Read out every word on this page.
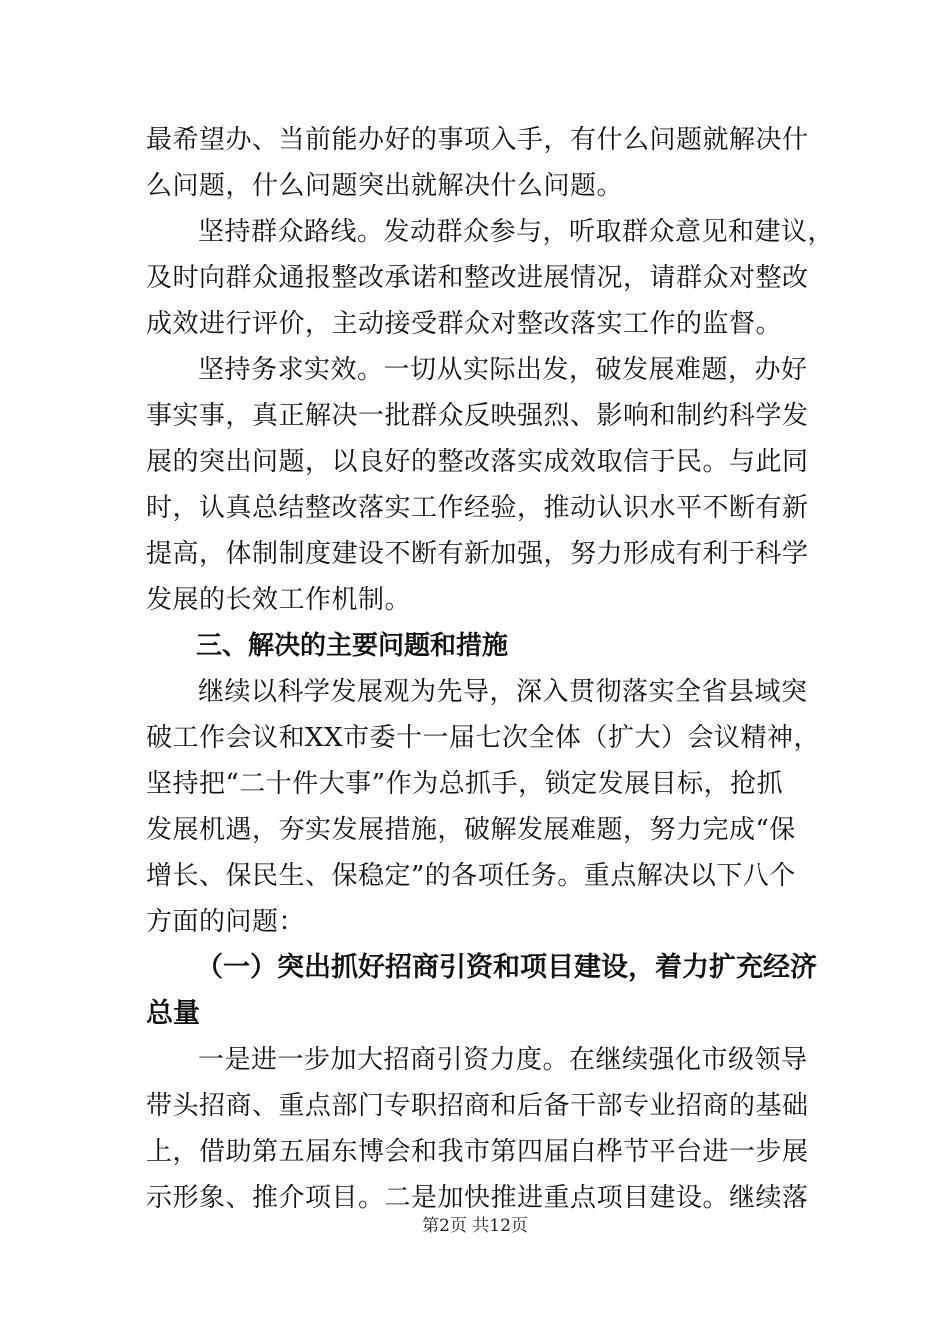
最希望办、当前能办好的事项入手，有什么问题就解决什
么问题，什么问题突出就解决什么问题。
坚持群众路线。发动群众参与，听取群众意见和建议，
及时向群众通报整改承诺和整改进展情况，请群众对整改
成效进行评价，主动接受群众对整改落实工作的监督。
坚持务求实效。一切从实际出发，破发展难题，办好
事实事，真正解决一批群众反映强烈、影响和制约科学发
展的突出问题，以良好的整改落实成效取信于民。与此同
时，认真总结整改落实工作经验，推动认识水平不断有新
提高，体制制度建设不断有新加强，努力形成有利于科学
发展的长效工作机制。
三、解决的主要问题和措施
继续以科学发展观为先导，深入贯彻落实全省县域突
破工作会议和XX市委十一届七次全体（扩大）会议精神，
坚持把“二十件大事”作为总抓手，锁定发展目标，抢抓
发展机遇，夯实发展措施，破解发展难题，努力完成“保
增长、保民生、保稳定”的各项任务。重点解决以下八个
方面的问题：
（一）突出抓好招商引资和项目建设，着力扩充经济
总量
一是进一步加大招商引资力度。在继续强化市级领导
带头招商、重点部门专职招商和后备干部专业招商的基础
上，借助第五届东博会和我市第四届白桦节平台进一步展
示形象、推介项目。二是加快推进重点项目建设。继续落
第2页 共12页
